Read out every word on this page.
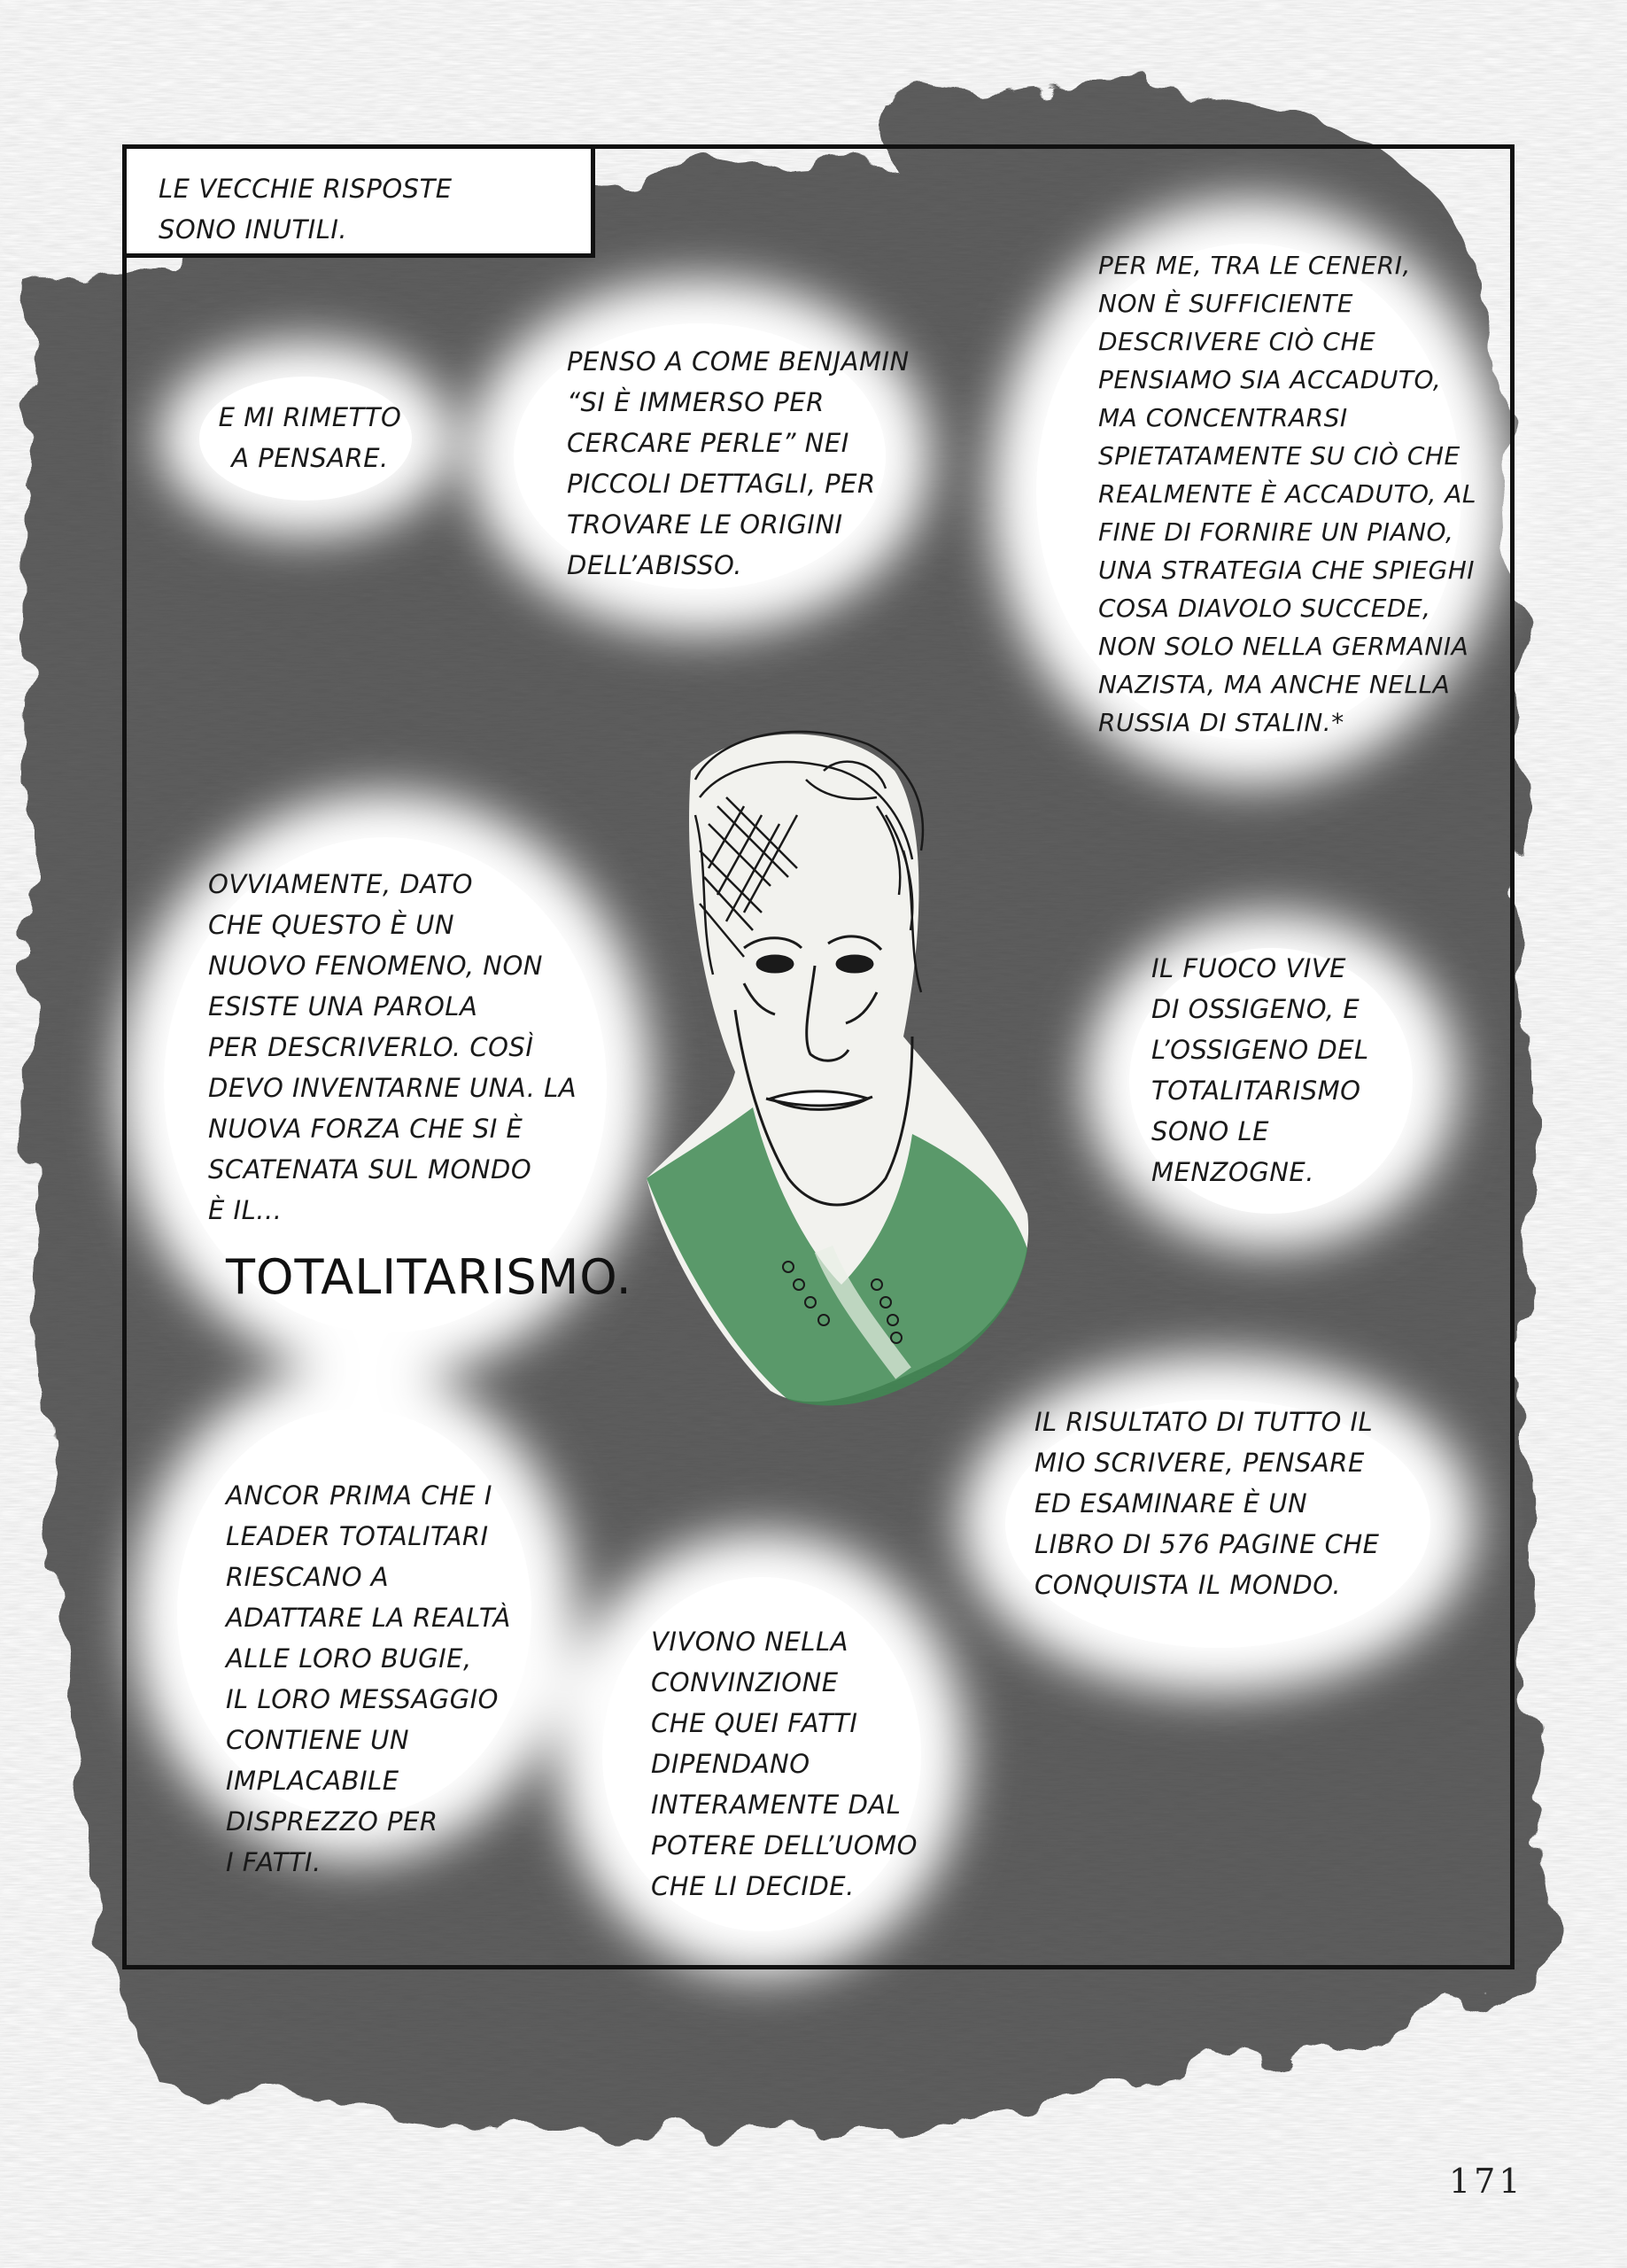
LE VECCHIE RISPOSTE
SONO INUTILI.
E MI RIMETTO
A PENSARE.
PENSO A COME BENJAMIN
“SI È IMMERSO PER
CERCARE PERLE” NEI
PICCOLI DETTAGLI, PER
TROVARE LE ORIGINI
DELL’ABISSO.
PER ME, TRA LE CENERI,
NON È SUFFICIENTE
DESCRIVERE CIÒ CHE
PENSIAMO SIA ACCADUTO,
MA CONCENTRARSI
SPIETATAMENTE SU CIÒ CHE
REALMENTE È ACCADUTO, AL
FINE DI FORNIRE UN PIANO,
UNA STRATEGIA CHE SPIEGHI
COSA DIAVOLO SUCCEDE,
NON SOLO NELLA GERMANIA
NAZISTA, MA ANCHE NELLA
RUSSIA DI STALIN.*
OVVIAMENTE, DATO
CHE QUESTO È UN
NUOVO FENOMENO, NON
ESISTE UNA PAROLA
PER DESCRIVERLO. COSÌ
DEVO INVENTARNE UNA. LA
NUOVA FORZA CHE SI È
SCATENATA SUL MONDO
È IL...
TOTALITARISMO.
IL FUOCO VIVE
DI OSSIGENO, E
L’OSSIGENO DEL
TOTALITARISMO
SONO LE
MENZOGNE.
IL RISULTATO DI TUTTO IL
MIO SCRIVERE, PENSARE
ED ESAMINARE È UN
LIBRO DI 576 PAGINE CHE
CONQUISTA IL MONDO.
ANCOR PRIMA CHE I
LEADER TOTALITARI
RIESCANO A
ADATTARE LA REALTÀ
ALLE LORO BUGIE,
IL LORO MESSAGGIO
CONTIENE UN
IMPLACABILE
DISPREZZO PER
I FATTI.
VIVONO NELLA
CONVINZIONE
CHE QUEI FATTI
DIPENDANO
INTERAMENTE DAL
POTERE DELL’UOMO
CHE LI DECIDE.
171
